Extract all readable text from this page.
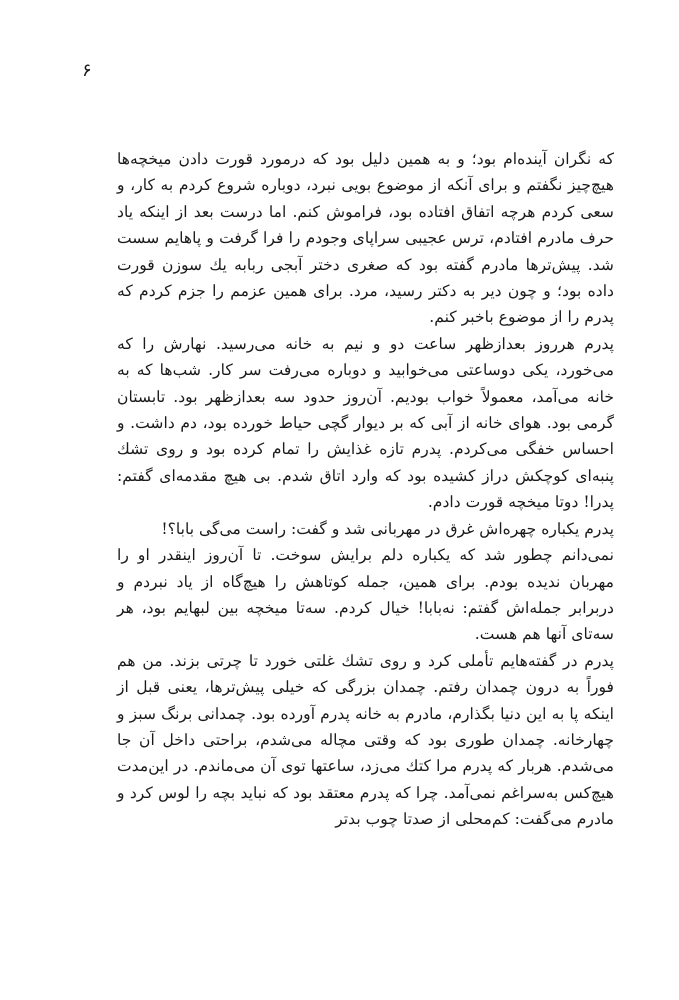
۶

که نگران آینده‌ام بود؛ و به همین دلیل بود که درمورد قورت دادن میخچه‌ها هیچ‌چیز نگفتم و برای آنکه از موضوع بویی نبرد، دوباره شروع کردم به کار، و سعی کردم هرچه اتفاق افتاده بود، فراموش کنم. اما درست بعد از اینکه یاد حرف مادرم افتادم، ترس عجیبی سراپای وجودم را فرا گرفت و پاهایم سست شد. پیش‌ترها مادرم گفته بود که صغری دختر آبجی ربابه یك سوزن قورت داده بود؛ و چون دیر به دکتر رسید، مرد. برای همین عزمم را جزم کردم که پدرم را از موضوع باخبر کنم.

پدرم هرروز بعدازظهر ساعت دو و نیم به خانه می‌رسید. نهارش را که می‌خورد، یکی دوساعتی می‌خوابید و دوباره می‌رفت سر کار. شب‌ها که به خانه می‌آمد، معمولاً خواب بودیم. آن‌روز حدود سه بعدازظهر بود. تابستان گرمی بود. هوای خانه از آبی که بر دیوار گچی حیاط خورده بود، دم داشت. و احساس خفگی می‌کردم. پدرم تازه غذایش را تمام کرده بود و روی تشك پنبه‌ای کوچکش دراز کشیده بود که وارد اتاق شدم. بی هیچ مقدمه‌ای گفتم: پدرا! دوتا میخچه قورت دادم.

پدرم یکباره چهره‌اش غرق در مهربانی شد و گفت: راست می‌گی بابا؟!

نمی‌دانم چطور شد که یکباره دلم برایش سوخت. تا آن‌روز اینقدر او را مهربان ندیده بودم. برای همین، جمله کوتاهش را هیچ‌گاه از یاد نبردم و دربرابر جمله‌اش گفتم: نه‌بابا! خیال کردم. سه‌تا میخچه بین لبهایم بود، هر سه‌تای آنها هم هست.

پدرم در گفته‌هایم تأملی کرد و روی تشك غلتی خورد تا چرتی بزند. من هم فوراً به درون چمدان رفتم. چمدان بزرگی که خیلی پیش‌ترها، یعنی قبل از اینکه پا به این دنیا بگذارم، مادرم به خانه پدرم آورده بود. چمدانی برنگ سبز و چهارخانه. چمدان طوری بود که وقتی مچاله می‌شدم، براحتی داخل آن جا می‌شدم. هربار که پدرم مرا کتك می‌زد، ساعتها توی آن می‌ماندم. در این‌مدت هیچ‌کس به‌سراغم نمی‌آمد. چرا که پدرم معتقد بود که نباید بچه را لوس کرد و مادرم می‌گفت: کم‌محلی از صدتا چوب بدتر
